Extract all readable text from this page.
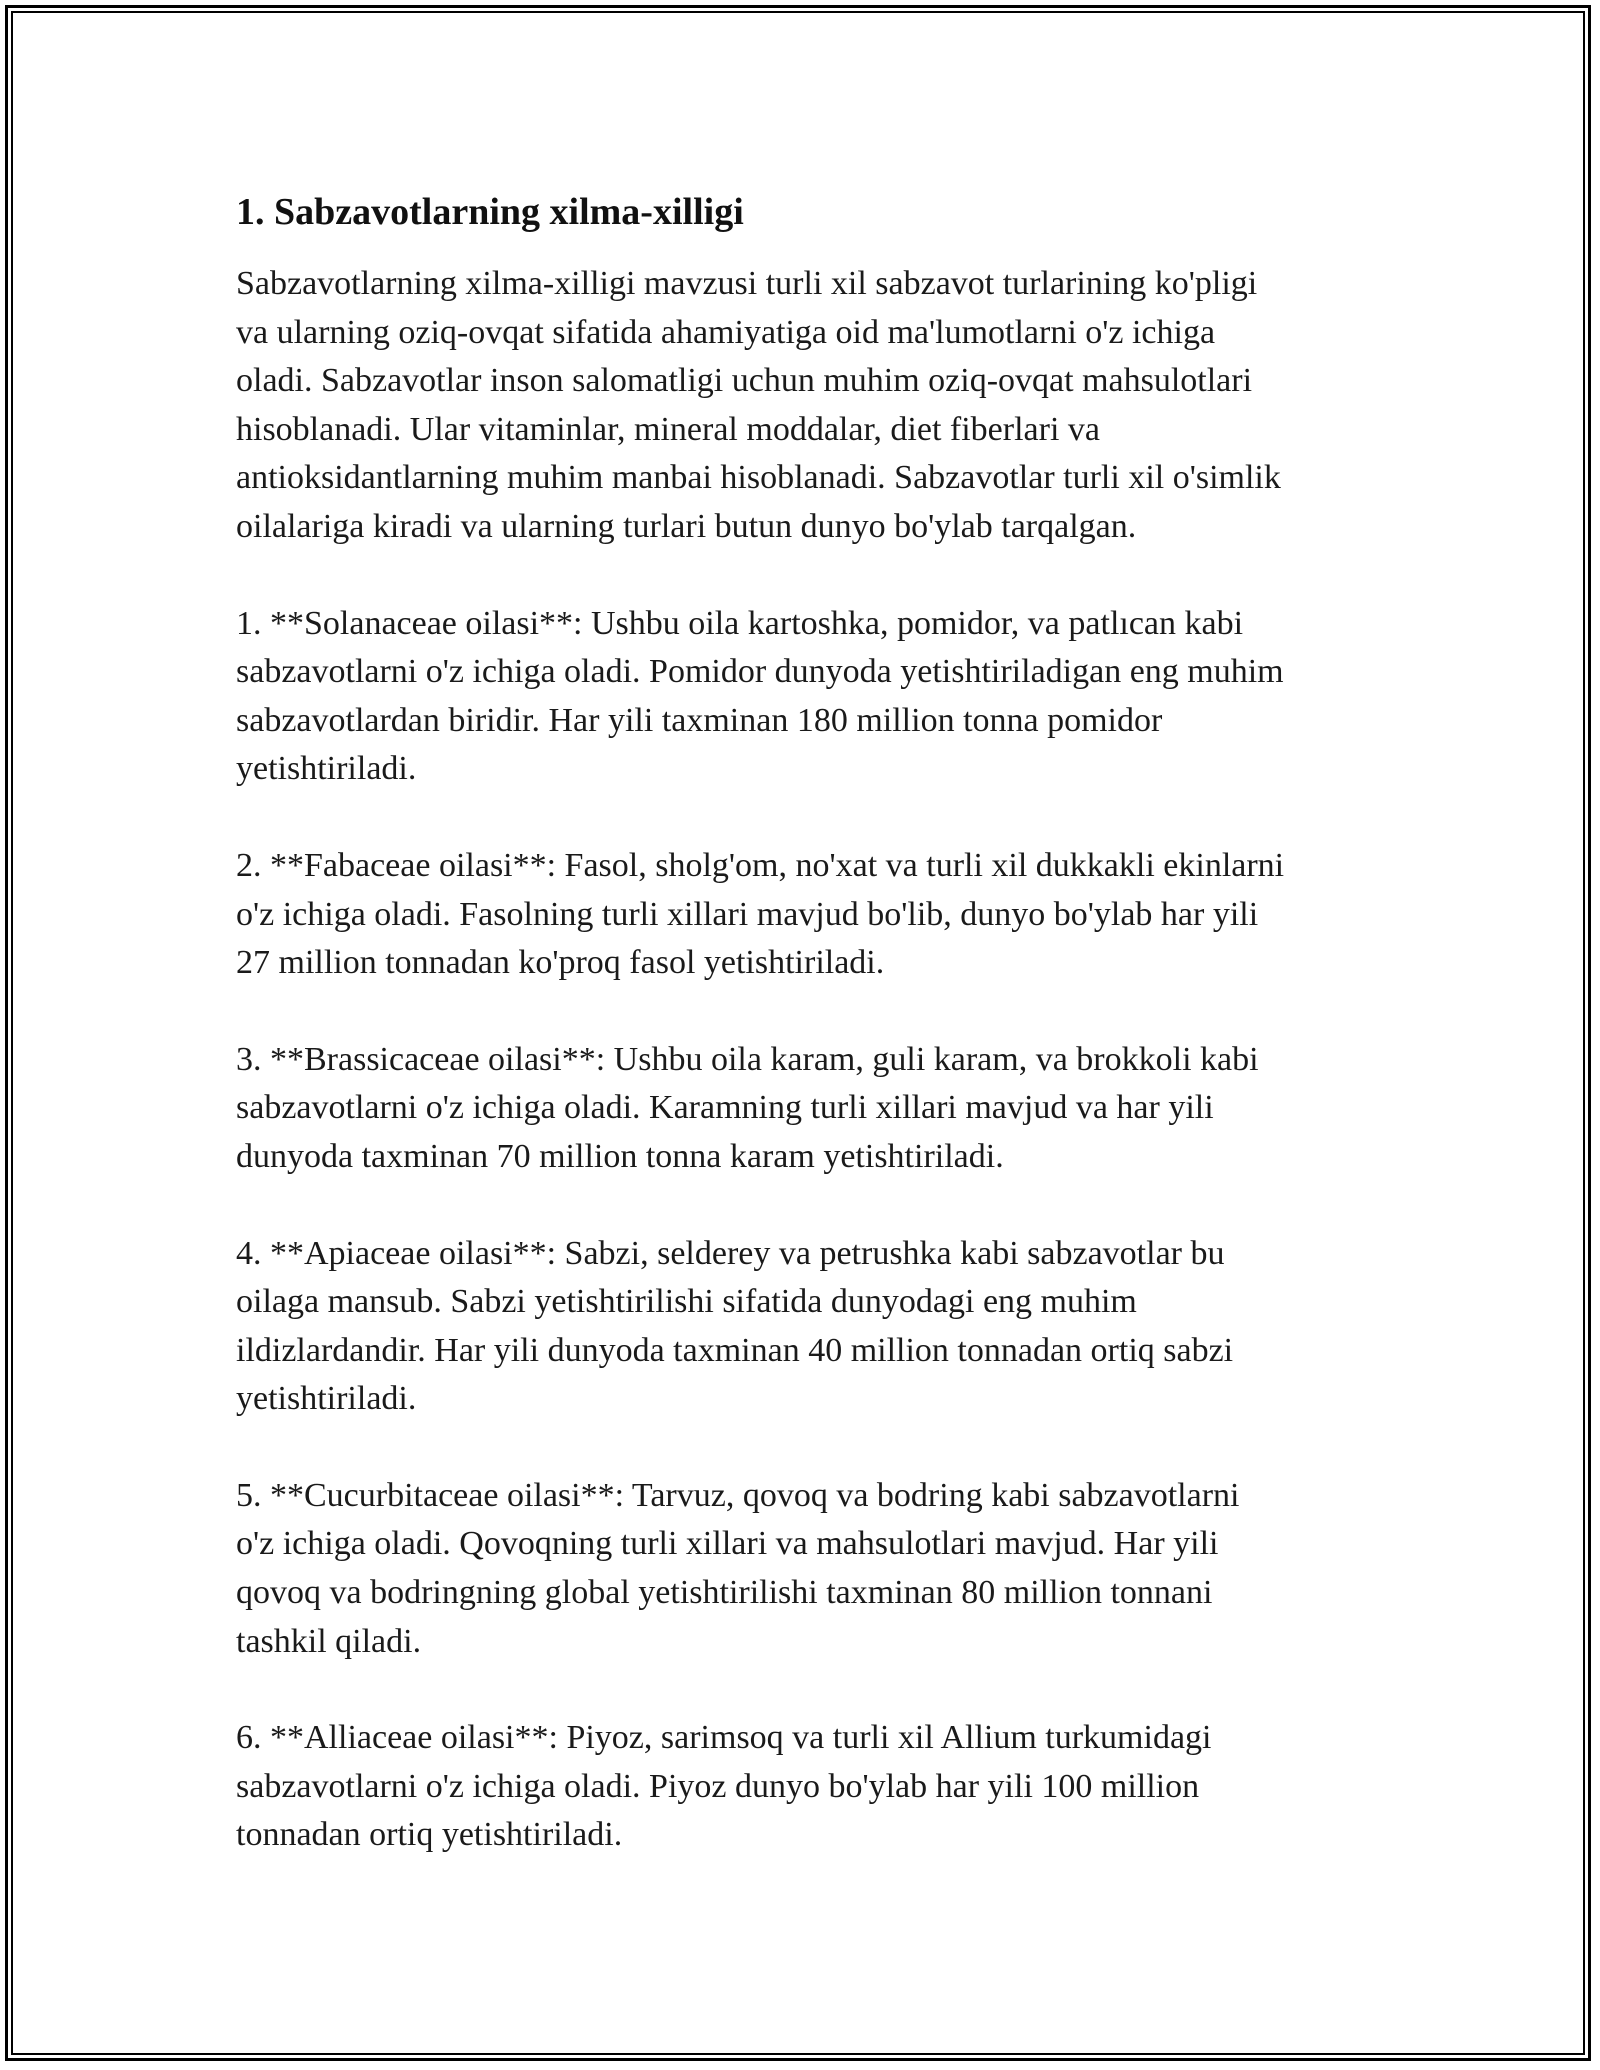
1. Sabzavotlarning xilma-xilligi

Sabzavotlarning xilma-xilligi mavzusi turli xil sabzavot turlarining ko'pligi
va ularning oziq-ovqat sifatida ahamiyatiga oid ma'lumotlarni o'z ichiga
oladi. Sabzavotlar inson salomatligi uchun muhim oziq-ovqat mahsulotlari
hisoblanadi. Ular vitaminlar, mineral moddalar, diet fiberlari va
antioksidantlarning muhim manbai hisoblanadi. Sabzavotlar turli xil o'simlik
oilalariga kiradi va ularning turlari butun dunyo bo'ylab tarqalgan.

1. **Solanaceae oilasi**: Ushbu oila kartoshka, pomidor, va patlıcan kabi
sabzavotlarni o'z ichiga oladi. Pomidor dunyoda yetishtiriladigan eng muhim
sabzavotlardan biridir. Har yili taxminan 180 million tonna pomidor
yetishtiriladi.

2. **Fabaceae oilasi**: Fasol, sholg'om, no'xat va turli xil dukkakli ekinlarni
o'z ichiga oladi. Fasolning turli xillari mavjud bo'lib, dunyo bo'ylab har yili
27 million tonnadan ko'proq fasol yetishtiriladi.

3. **Brassicaceae oilasi**: Ushbu oila karam, guli karam, va brokkoli kabi
sabzavotlarni o'z ichiga oladi. Karamning turli xillari mavjud va har yili
dunyoda taxminan 70 million tonna karam yetishtiriladi.

4. **Apiaceae oilasi**: Sabzi, selderey va petrushka kabi sabzavotlar bu
oilaga mansub. Sabzi yetishtirilishi sifatida dunyodagi eng muhim
ildizlardandir. Har yili dunyoda taxminan 40 million tonnadan ortiq sabzi
yetishtiriladi.

5. **Cucurbitaceae oilasi**: Tarvuz, qovoq va bodring kabi sabzavotlarni
o'z ichiga oladi. Qovoqning turli xillari va mahsulotlari mavjud. Har yili
qovoq va bodringning global yetishtirilishi taxminan 80 million tonnani
tashkil qiladi.

6. **Alliaceae oilasi**: Piyoz, sarimsoq va turli xil Allium turkumidagi
sabzavotlarni o'z ichiga oladi. Piyoz dunyo bo'ylab har yili 100 million
tonnadan ortiq yetishtiriladi.
